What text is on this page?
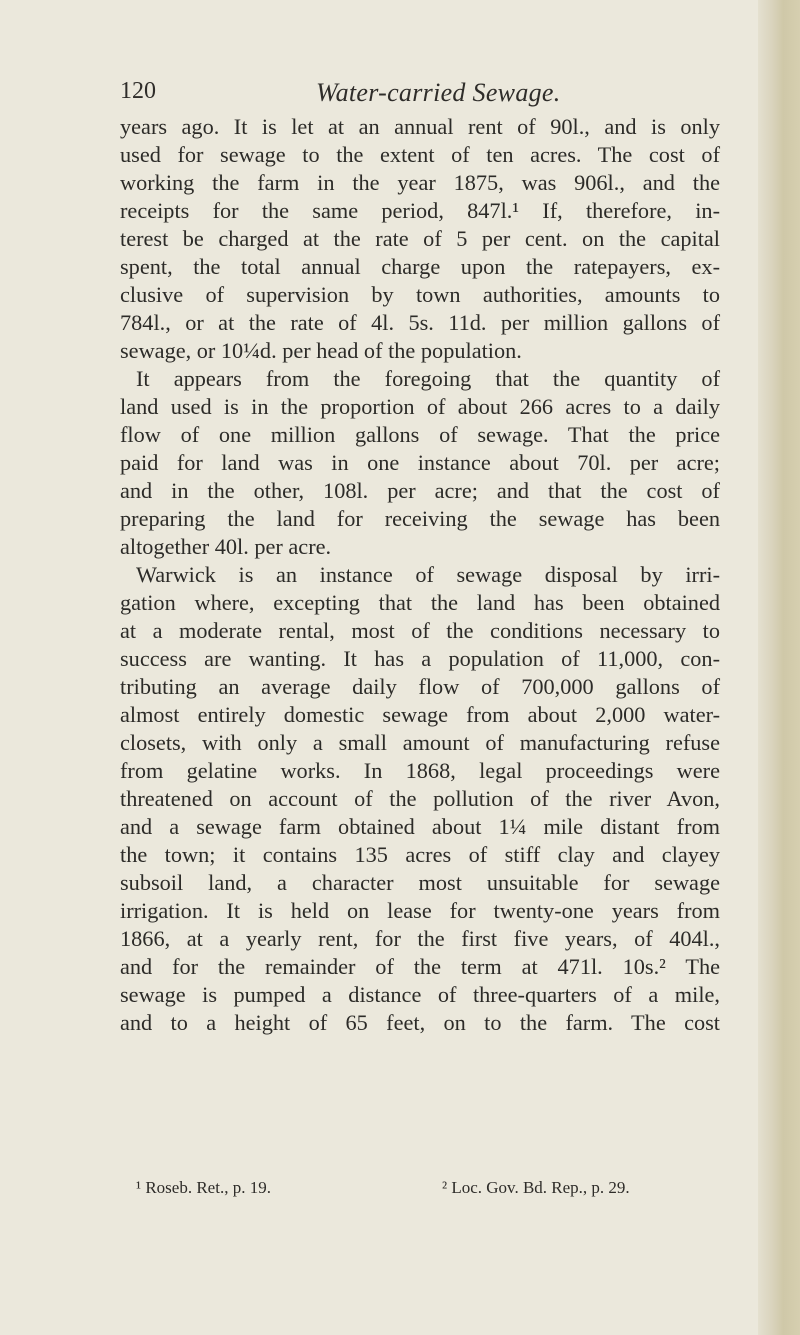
120	Water-carried Sewage.
years ago. It is let at an annual rent of 90l., and is only
used for sewage to the extent of ten acres. The cost of
working the farm in the year 1875, was 906l., and the
receipts for the same period, 847l.¹ If, therefore, in-
terest be charged at the rate of 5 per cent. on the capital
spent, the total annual charge upon the ratepayers, ex-
clusive of supervision by town authorities, amounts to
784l., or at the rate of 4l. 5s. 11d. per million gallons of
sewage, or 10¼d. per head of the population.
It appears from the foregoing that the quantity of
land used is in the proportion of about 266 acres to a daily
flow of one million gallons of sewage. That the price
paid for land was in one instance about 70l. per acre;
and in the other, 108l. per acre; and that the cost of
preparing the land for receiving the sewage has been
altogether 40l. per acre.
Warwick is an instance of sewage disposal by irri-
gation where, excepting that the land has been obtained
at a moderate rental, most of the conditions necessary to
success are wanting. It has a population of 11,000, con-
tributing an average daily flow of 700,000 gallons of
almost entirely domestic sewage from about 2,000 water-
closets, with only a small amount of manufacturing refuse
from gelatine works. In 1868, legal proceedings were
threatened on account of the pollution of the river Avon,
and a sewage farm obtained about 1¼ mile distant from
the town; it contains 135 acres of stiff clay and clayey
subsoil land, a character most unsuitable for sewage
irrigation. It is held on lease for twenty-one years from
1866, at a yearly rent, for the first five years, of 404l.,
and for the remainder of the term at 471l. 10s.² The
sewage is pumped a distance of three-quarters of a mile,
and to a height of 65 feet, on to the farm. The cost
¹ Roseb. Ret., p. 19.	² Loc. Gov. Bd. Rep., p. 29.
